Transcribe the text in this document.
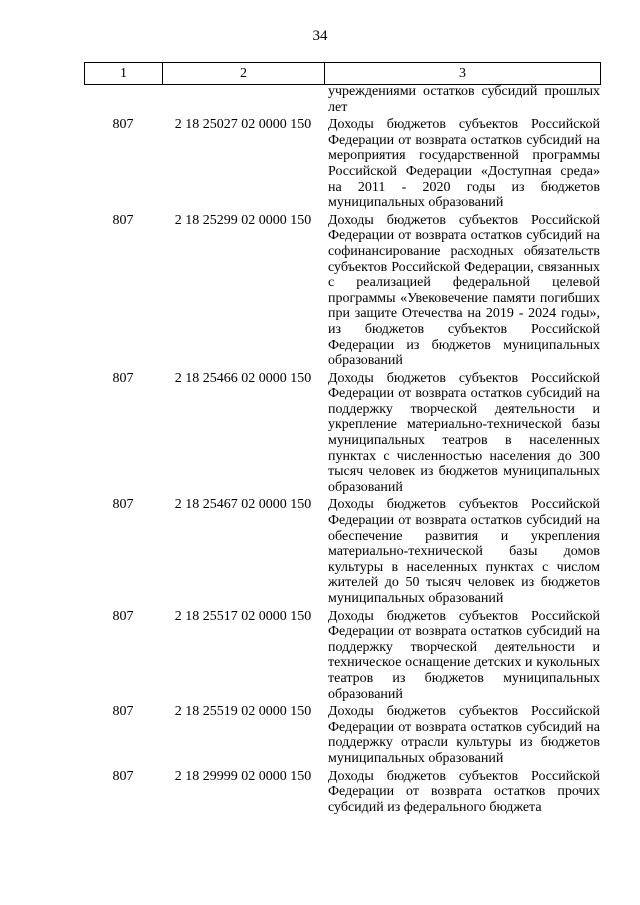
34
1	2	3
		учреждениями остатков субсидий прошлых лет
807	2 18 25027 02 0000 150	Доходы бюджетов субъектов Российской Федерации от возврата остатков субсидий на мероприятия государственной программы Российской Федерации «Доступная среда» на 2011 - 2020 годы из бюджетов муниципальных образований
807	2 18 25299 02 0000 150	Доходы бюджетов субъектов Российской Федерации от возврата остатков субсидий на софинансирование расходных обязательств субъектов Российской Федерации, связанных с реализацией федеральной целевой программы «Увековечение памяти погибших при защите Отечества на 2019 - 2024 годы», из бюджетов субъектов Российской Федерации из бюджетов муниципальных образований
807	2 18 25466 02 0000 150	Доходы бюджетов субъектов Российской Федерации от возврата остатков субсидий на поддержку творческой деятельности и укрепление материально-технической базы муниципальных театров в населенных пунктах с численностью населения до 300 тысяч человек из бюджетов муниципальных образований
807	2 18 25467 02 0000 150	Доходы бюджетов субъектов Российской Федерации от возврата остатков субсидий на обеспечение развития и укрепления материально-технической базы домов культуры в населенных пунктах с числом жителей до 50 тысяч человек из бюджетов муниципальных образований
807	2 18 25517 02 0000 150	Доходы бюджетов субъектов Российской Федерации от возврата остатков субсидий на поддержку творческой деятельности и техническое оснащение детских и кукольных театров из бюджетов муниципальных образований
807	2 18 25519 02 0000 150	Доходы бюджетов субъектов Российской Федерации от возврата остатков субсидий на поддержку отрасли культуры из бюджетов муниципальных образований
807	2 18 29999 02 0000 150	Доходы бюджетов субъектов Российской Федерации от возврата остатков прочих субсидий из федерального бюджета
